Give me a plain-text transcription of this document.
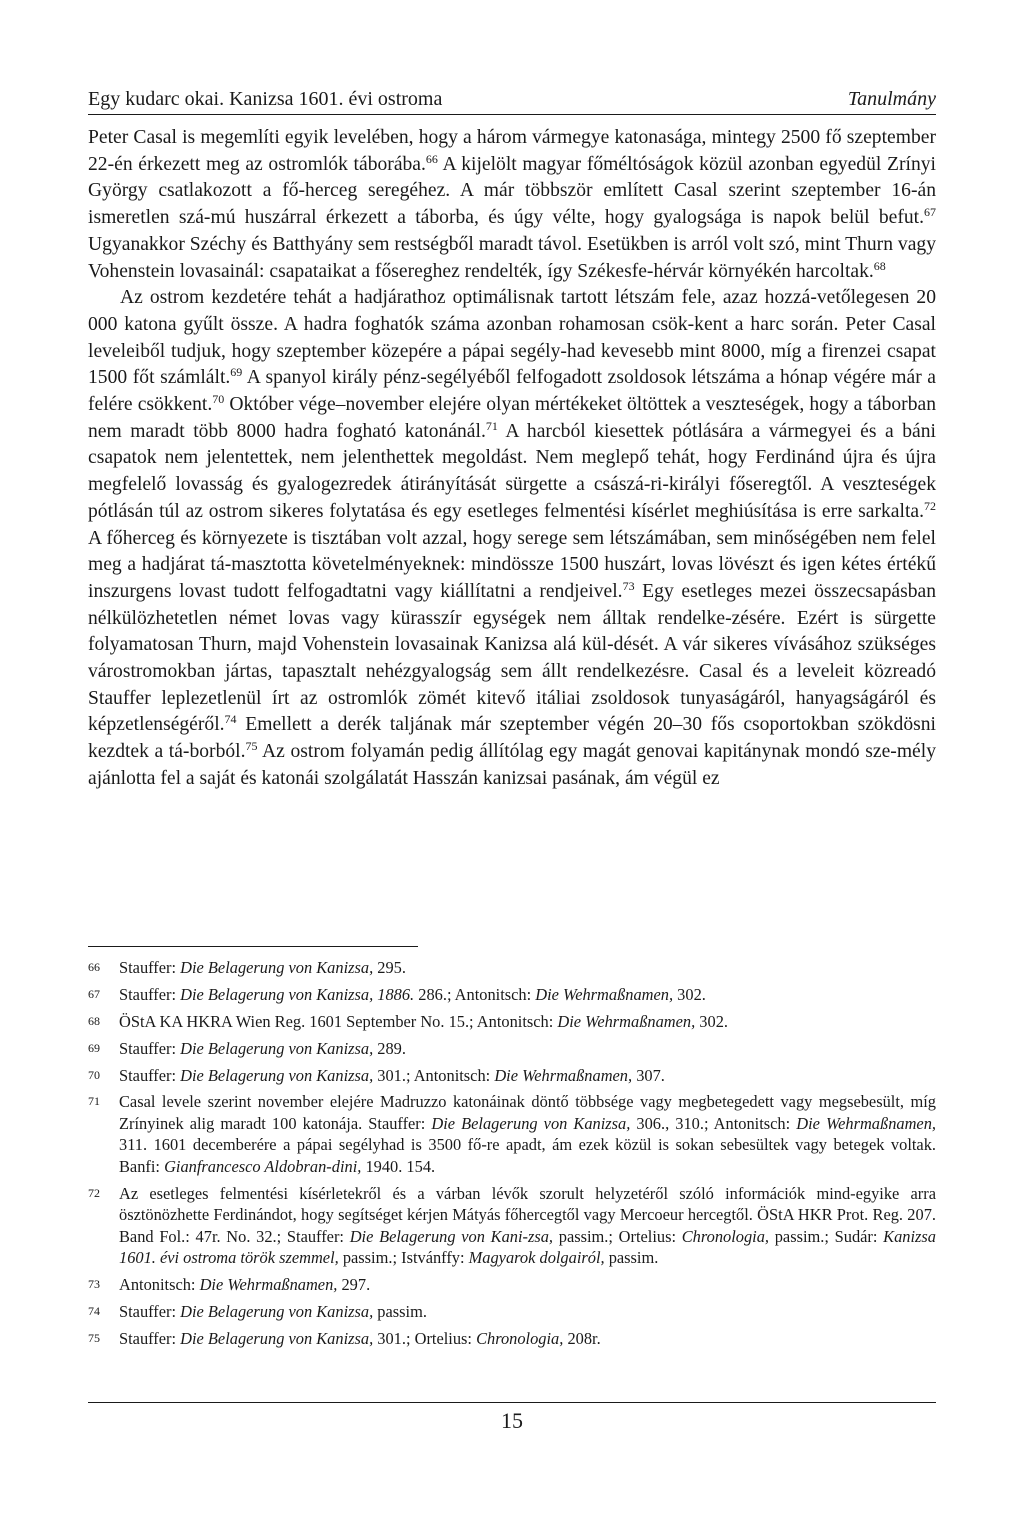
Egy kudarc okai. Kanizsa 1601. évi ostroma	Tanulmány

Peter Casal is megemlíti egyik levelében, hogy a három vármegye katonasága, mintegy 2500 fő szeptember 22-én érkezett meg az ostromlók táborába.$^{66}$ A kijelölt magyar főméltóságok közül azonban egyedül Zrínyi György csatlakozott a fő-herceg seregéhez. A már többször említett Casal szerint szeptember 16-án ismeretlen szá-mú huszárral érkezett a táborba, és úgy vélte, hogy gyalogsága is napok belül befut.$^{67}$ Ugyanakkor Széchy és Batthyány sem restségből maradt távol. Esetükben is arról volt szó, mint Thurn vagy Vohenstein lovasainál: csapataikat a fősereghez rendelték, így Székesfe-hérvár környékén harcoltak.$^{68}$

Az ostrom kezdetére tehát a hadjárathoz optimálisnak tartott létszám fele, azaz hozzá-vetőlegesen 20 000 katona gyűlt össze. A hadra foghatók száma azonban rohamosan csök-kent a harc során. Peter Casal leveleiből tudjuk, hogy szeptember közepére a pápai segély-had kevesebb mint 8000, míg a firenzei csapat 1500 főt számlált.$^{69}$ A spanyol király pénz-segélyéből felfogadott zsoldosok létszáma a hónap végére már a felére csökkent.$^{70}$ Október vége–november elejére olyan mértékeket öltöttek a veszteségek, hogy a táborban nem maradt több 8000 hadra fogható katonánál.$^{71}$ A harcból kiesettek pótlására a vármegyei és a báni csapatok nem jelentettek, nem jelenthettek megoldást. Nem meglepő tehát, hogy Ferdinánd újra és újra megfelelő lovasság és gyalogezredek átirányítását sürgette a császá-ri-királyi főseregtől. A veszteségek pótlásán túl az ostrom sikeres folytatása és egy esetleges felmentési kísérlet meghiúsítása is erre sarkalta.$^{72}$ A főherceg és környezete is tisztában volt azzal, hogy serege sem létszámában, sem minőségében nem felel meg a hadjárat tá-masztotta követelményeknek: mindössze 1500 huszárt, lovas lövészt és igen kétes értékű inszurgens lovast tudott felfogadtatni vagy kiállítatni a rendjeivel.$^{73}$ Egy esetleges mezei összecsapásban nélkülözhetetlen német lovas vagy kürasszír egységek nem álltak rendelke-zésére. Ezért is sürgette folyamatosan Thurn, majd Vohenstein lovasainak Kanizsa alá kül-dését. A vár sikeres vívásához szükséges várostromokban jártas, tapasztalt nehézgyalogság sem állt rendelkezésre. Casal és a leveleit közreadó Stauffer leplezetlenül írt az ostromlók zömét kitevő itáliai zsoldosok tunyaságáról, hanyagságáról és képzetlenségéről.$^{74}$ Emellett a derék talјának már szeptember végén 20–30 fős csoportokban szökdösni kezdtek a tá-borból.$^{75}$ Az ostrom folyamán pedig állítólag egy magát genovai kapitánynak mondó sze-mély ajánlotta fel a saját és katonái szolgálatát Hasszán kanizsai pasának, ám végül ez

66 Stauffer: Die Belagerung von Kanizsa, 295.
67 Stauffer: Die Belagerung von Kanizsa, 1886. 286.; Antonitsch: Die Wehrmaßnamen, 302.
68 ÖStA KA HKRA Wien Reg. 1601 September No. 15.; Antonitsch: Die Wehrmaßnamen, 302.
69 Stauffer: Die Belagerung von Kanizsa, 289.
70 Stauffer: Die Belagerung von Kanizsa, 301.; Antonitsch: Die Wehrmaßnamen, 307.
71 Casal levele szerint november elejére Madruzzo katonáinak döntő többsége vagy megbetegedett vagy megsebesült, míg Zrínyinek alig maradt 100 katonája. Stauffer: Die Belagerung von Kanizsa, 306., 310.; Antonitsch: Die Wehrmaßnamen, 311. 1601 decemberére a pápai segélyhad is 3500 fő-re apadt, ám ezek közül is sokan sebesültek vagy betegek voltak. Banfi: Gianfrancesco Aldobran-dini, 1940. 154.
72 Az esetleges felmentési kísérletekről és a várban lévők szorult helyzetéről szóló információk mind-egyike arra ösztönözhette Ferdinándot, hogy segítséget kérjen Mátyás főhercegtől vagy Mercoeur hercegtől. ÖStA HKR Prot. Reg. 207. Band Fol.: 47r. No. 32.; Stauffer: Die Belagerung von Kani-zsa, passim.; Ortelius: Chronologia, passim.; Sudár: Kanizsa 1601. évi ostroma török szemmel, passim.; Istvánffy: Magyarok dolgairól, passim.
73 Antonitsch: Die Wehrmaßnamen, 297.
74 Stauffer: Die Belagerung von Kanizsa, passim.
75 Stauffer: Die Belagerung von Kanizsa, 301.; Ortelius: Chronologia, 208r.
15
